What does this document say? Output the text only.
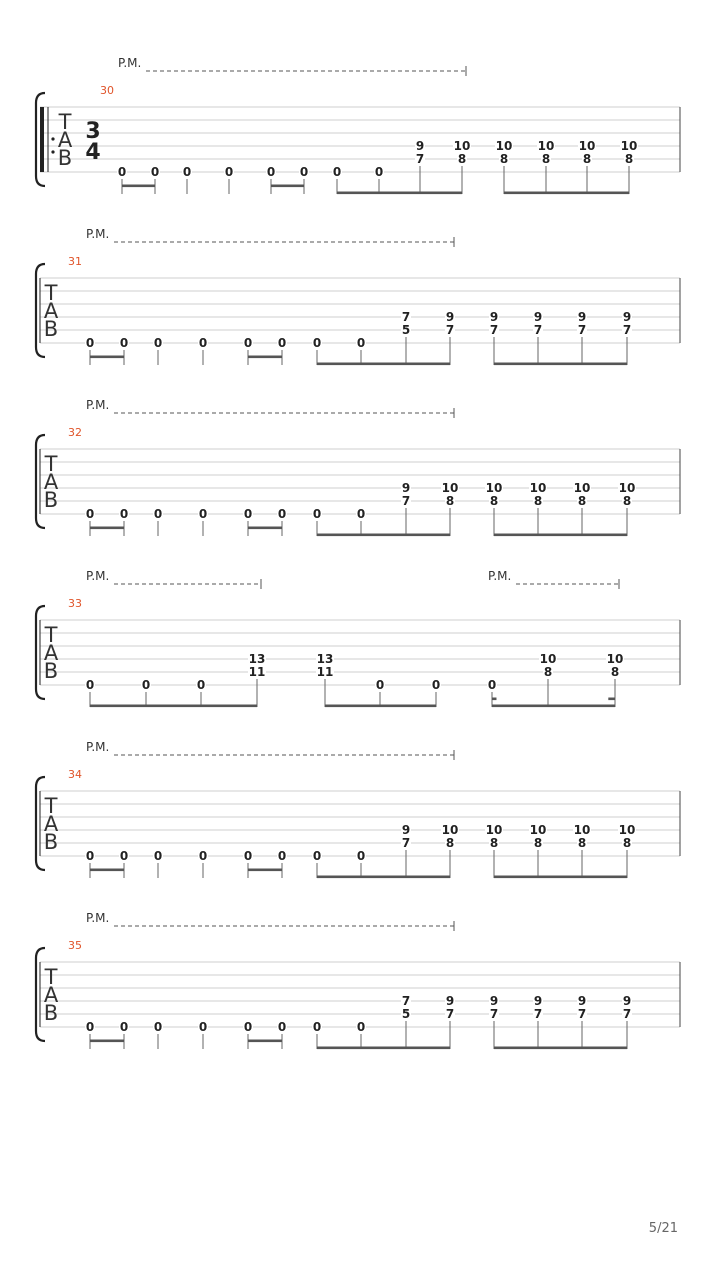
T
A
B
3
4
30
P.M.
0 0 0	0	0 0 0	0
9
7
10
8
10
8
10
8
10
8
10
8
T
A
B
31
P.M.
0 0 0	0	0 0 0	0
7
5
9
7
9
7
9
7
9
7
9
7
T
A
B
32
P.M.
0 0 0	0	0 0 0	0
9
7
10
8
10
8
10
8
10
8
10
8
T
A
B
33
P.M.	P.M.
0	0	0
13
11
13
11
0	0	0
10
8
10
8
T
A
B
34
P.M.
0 0 0	0	0 0 0	0
9
7
10
8
10
8
10
8
10
8
10
8
T
A
B
35
P.M.
0 0 0	0	0 0 0	0
7
5
9
7
9
7
9
7
9
7
9
7
5/21
